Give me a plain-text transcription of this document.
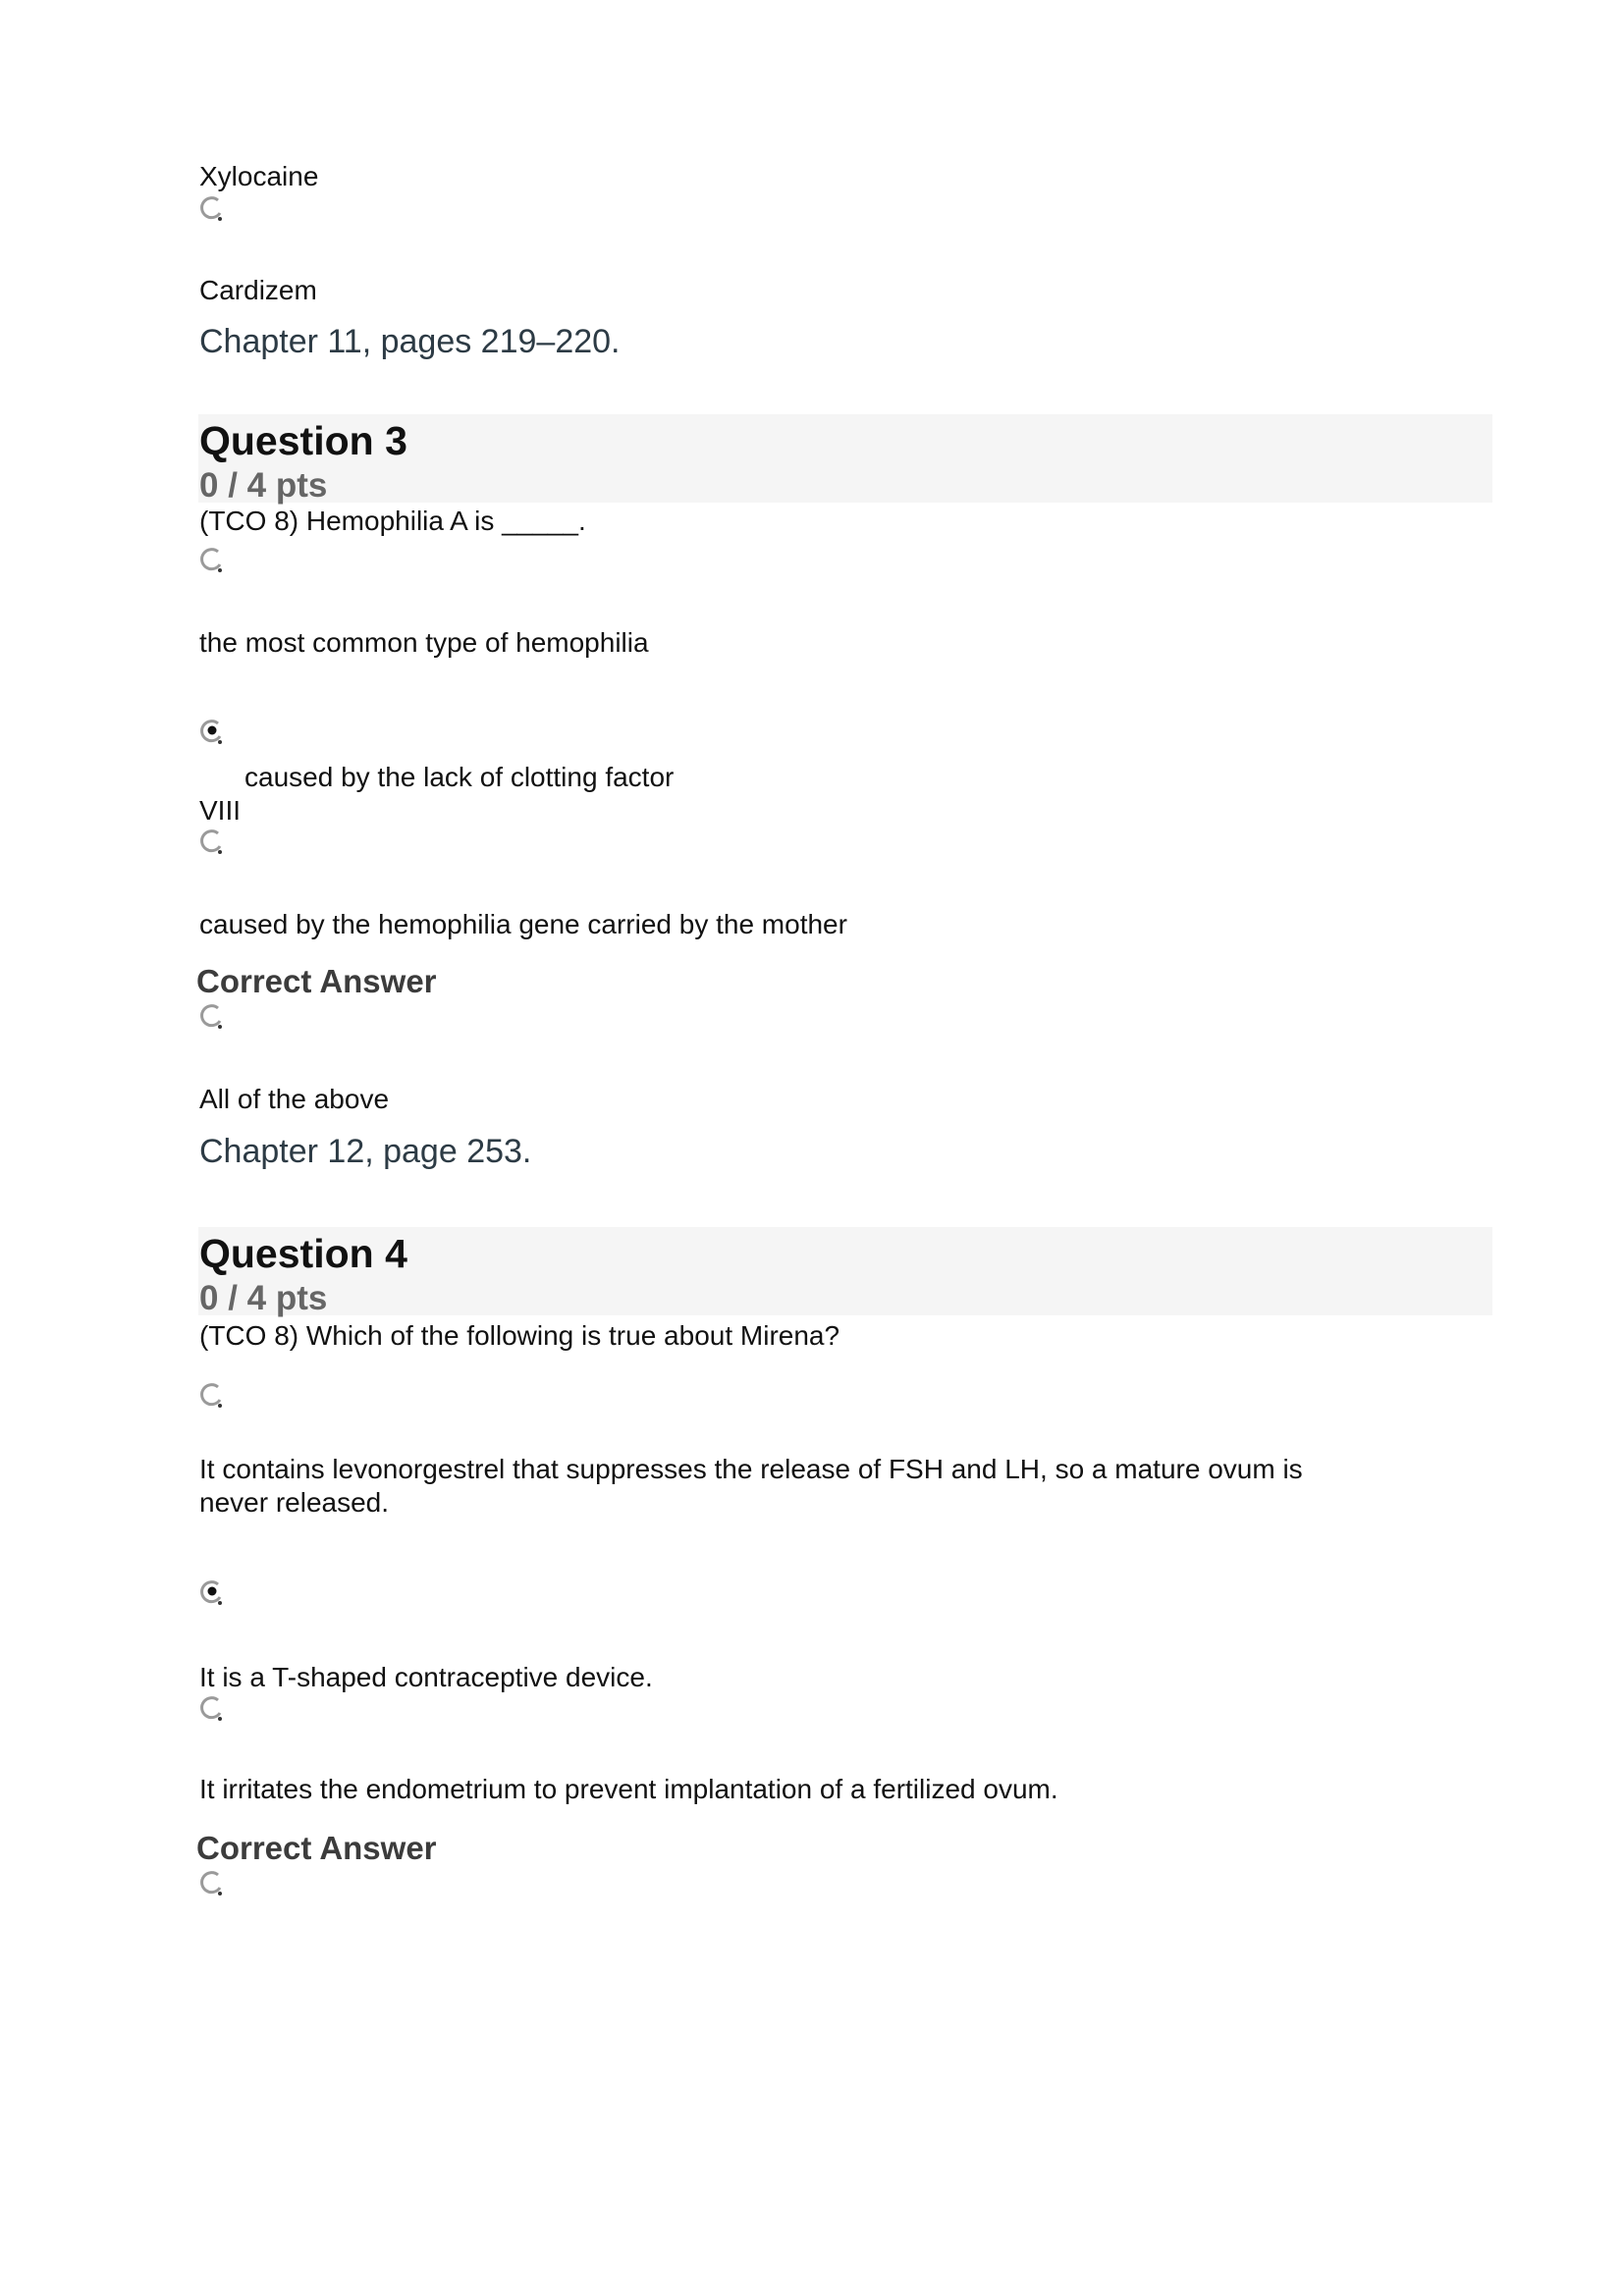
Xylocaine
Cardizem
Chapter 11, pages 219–220.
Question 3
0 / 4 pts
(TCO 8) Hemophilia A is _____.
the most common type of hemophilia
caused by the lack of clotting factor
VIII
caused by the hemophilia gene carried by the mother
Correct Answer
All of the above
Chapter 12, page 253.
Question 4
0 / 4 pts
(TCO 8) Which of the following is true about Mirena?
It contains levonorgestrel that suppresses the release of FSH and LH, so a mature ovum is
never released.
It is a T-shaped contraceptive device.
It irritates the endometrium to prevent implantation of a fertilized ovum.
Correct Answer
